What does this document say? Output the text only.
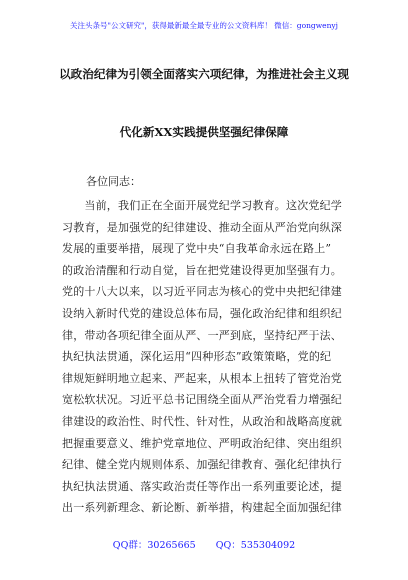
关注头条号"公文研究"，获得最新最全最专业的公文资料库！ 微信：gongwenyj
以政治纪律为引领全面落实六项纪律，为推进社会主义现
代化新XX实践提供坚强纪律保障
各位同志：
　　当前，我们正在全面开展党纪学习教育。这次党纪学
习教育，是加强党的纪律建设、推动全面从严治党向纵深
发展的重要举措，展现了党中央“自我革命永远在路上”
的政治清醒和行动自觉，旨在把党建设得更加坚强有力。
党的十八大以来，以习近平同志为核心的党中央把纪律建
设纳入新时代党的建设总体布局，强化政治纪律和组织纪
律，带动各项纪律全面从严、一严到底，坚持纪严于法、
执纪执法贯通，深化运用“四种形态”政策策略，党的纪
律规矩鲜明地立起来、严起来，从根本上扭转了管党治党
宽松软状况。习近平总书记围绕全面从严治党看力增强纪
律建设的政治性、时代性、针对性，从政治和战略高度就
把握重要意义、维护党章地位、严明政治纪律、突出组织
纪律、健全党内规则体系、加强纪律教育、强化纪律执行
执纪执法贯通、落实政治责任等作出一系列重要论述，提
出一系列新理念、新论断、新举措，构建起全面加强纪律
QQ群：30265665 QQ：535304092
